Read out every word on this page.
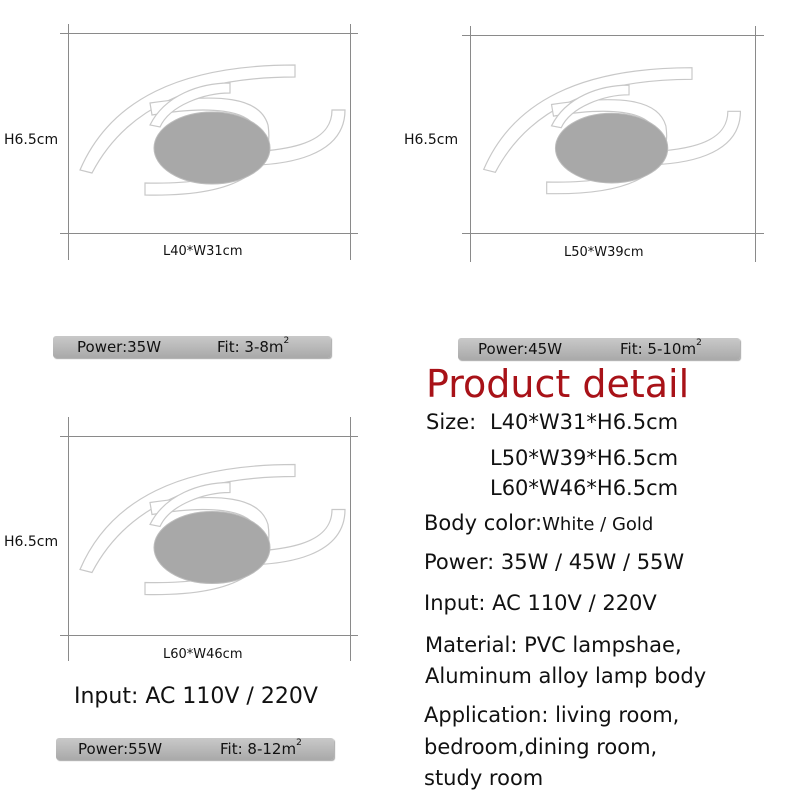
H6.5cm
L40*W31cm
Power:35W	Fit: $3-8m^2$
H6.5cm
L50*W39cm
Power:45W	Fit: $5-10m^2$
H6.5cm
L60*W46cm
Input: AC 110V / 220V
Power:55W	Fit: $8-12m^2$
Product detail
Size: L40*W31*H6.5cm
L50*W39*H6.5cm
L60*W46*H6.5cm
Body color:White / Gold
Power: 35W / 45W / 55W
Input: AC 110V / 220V
Material: PVC lampshae,
Aluminum alloy lamp body
Application: living room,
bedroom,dining room,
study room
